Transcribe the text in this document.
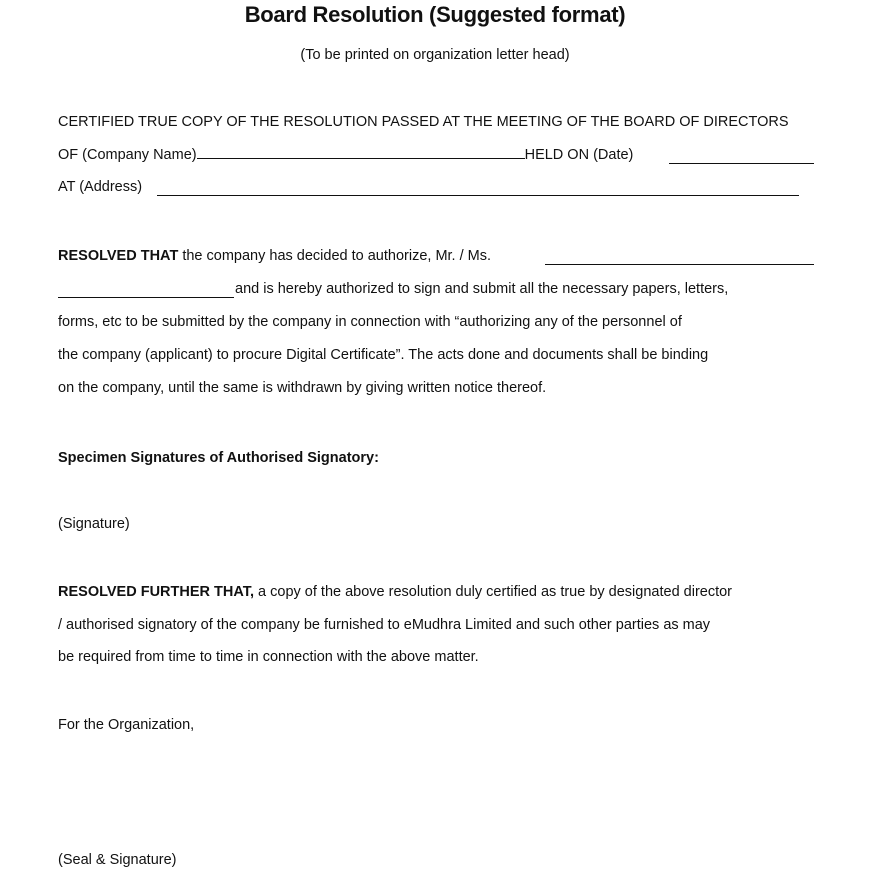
Board Resolution (Suggested format)
(To be printed on organization letter head)
CERTIFIED TRUE COPY OF THE RESOLUTION PASSED AT THE MEETING OF THE BOARD OF DIRECTORS
OF (Company Name)	HELD ON (Date)
AT (Address)
RESOLVED THAT the company has decided to authorize, Mr. / Ms.
and is hereby authorized to sign and submit all the necessary papers, letters,
forms, etc to be submitted by the company in connection with “authorizing any of the personnel of
the company (applicant) to procure Digital Certificate”. The acts done and documents shall be binding
on the company, until the same is withdrawn by giving written notice thereof.
Specimen Signatures of Authorised Signatory:
(Signature)
RESOLVED FURTHER THAT, a copy of the above resolution duly certified as true by designated director
/ authorised signatory of the company be furnished to eMudhra Limited and such other parties as may
be required from time to time in connection with the above matter.
For the Organization,
(Seal & Signature)
